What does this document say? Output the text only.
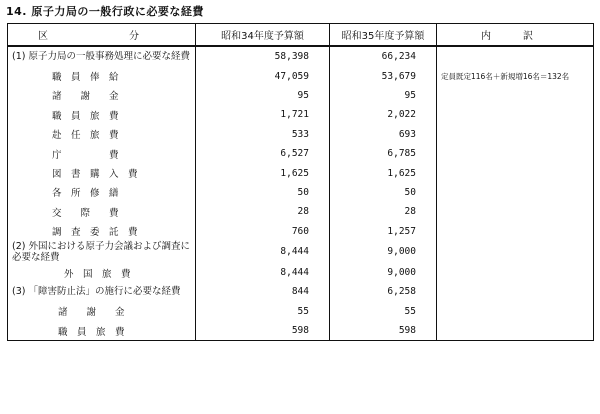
14. 原子力局の一般行政に必要な経費
区 分	昭和34年度予算額	昭和35年度予算額	内 訳

(1) 原子力局の一般事務処理に必要な経費	58,398	66,234	

職　員　俸　給	47,059	53,679	定員既定116名＋新規増16名＝132名

諸　　謝　　金	95	95	

職　員　旅　費	1,721	2,022	

赴　任　旅　費	533	693	

庁　　　　　費	6,527	6,785	

図　書　購　入　費	1,625	1,625	

各　所　修　繕	50	50	

交　　際　　費	28	28	

調　査　委　託　費	760	1,257	

(2) 外国における原子力会議および調査に必要な経費	8,444	9,000	

外　国　旅　費	8,444	9,000	

(3) 「障害防止法」の施行に必要な経費	844	6,258	

諸　　謝　　金	55	55	

職　員　旅　費	598	598	
